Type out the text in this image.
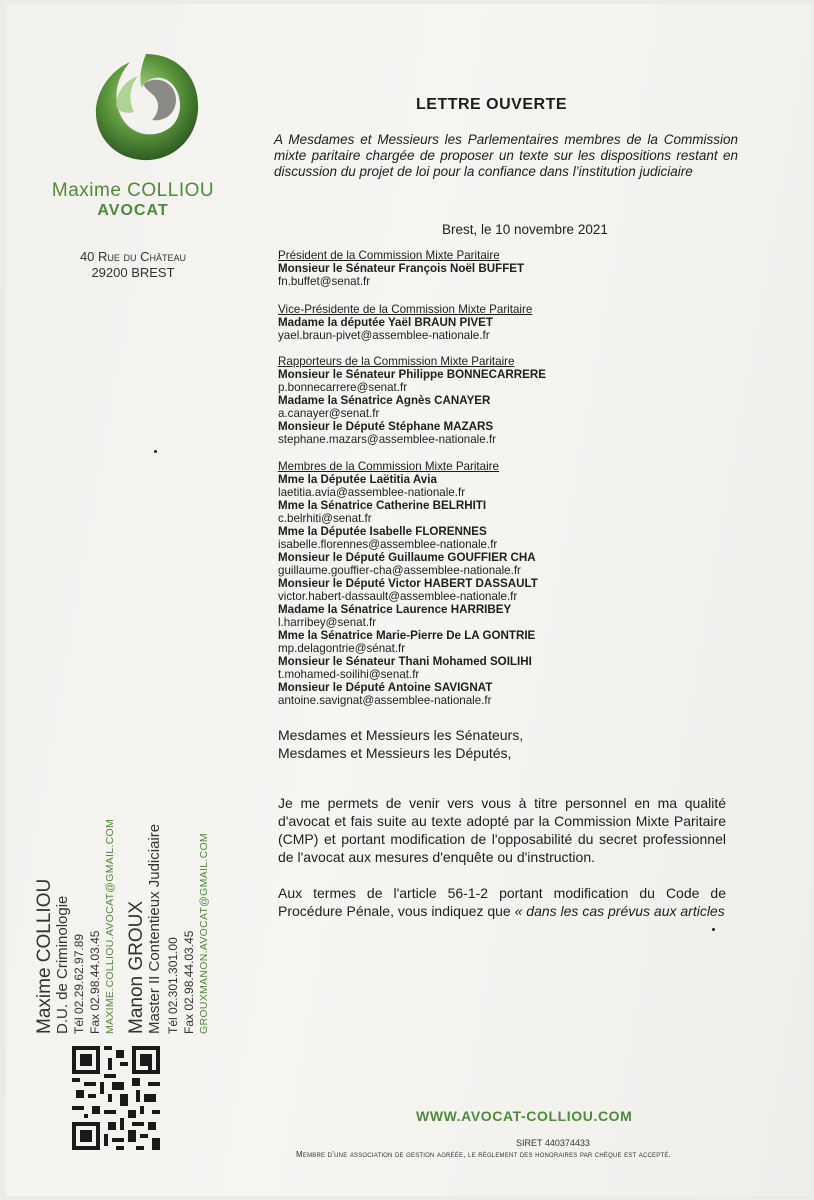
Maxime COLLIOU
AVOCAT
40 Rue du Château
29200 BREST
Maxime COLLIOU D.U. de Criminologie Tél 02.29.62.97.89 Fax 02.98.44.03.45 MAXIME.COLLIOU.AVOCAT@GMAIL.COM Manon GROUX Master II Contentieux Judiciaire Tél 02.301.301.00 Fax 02.98.44.03.45 GROUXMANON.AVOCAT@GMAIL.COM
LETTRE OUVERTE
A Mesdames et Messieurs les Parlementaires membres de la Commission mixte paritaire chargée de proposer un texte sur les dispositions restant en discussion du projet de loi pour la confiance dans l’institution judiciaire
Brest, le 10 novembre 2021
Président de la Commission Mixte Paritaire
Monsieur le Sénateur François Noël BUFFET
fn.buffet@senat.fr
Vice-Présidente de la Commission Mixte Paritaire
Madame la députée Yaël BRAUN PIVET
yael.braun-pivet@assemblee-nationale.fr
Rapporteurs de la Commission Mixte Paritaire
Monsieur le Sénateur Philippe BONNECARRERE
p.bonnecarrere@senat.fr
Madame la Sénatrice Agnès CANAYER
a.canayer@senat.fr
Monsieur le Député Stéphane MAZARS
stephane.mazars@assemblee-nationale.fr
Membres de la Commission Mixte Paritaire
Mme la Députée Laëtitia Avia
laetitia.avia@assemblee-nationale.fr
Mme la Sénatrice Catherine BELRHITI
c.belrhiti@senat.fr
Mme la Députée Isabelle FLORENNES
isabelle.florennes@assemblee-nationale.fr
Monsieur le Député Guillaume GOUFFIER CHA
guillaume.gouffier-cha@assemblee-nationale.fr
Monsieur le Député Victor HABERT DASSAULT
victor.habert-dassault@assemblee-nationale.fr
Madame la Sénatrice Laurence HARRIBEY
l.harribey@senat.fr
Mme la Sénatrice Marie-Pierre De LA GONTRIE
mp.delagontrie@sénat.fr
Monsieur le Sénateur Thani Mohamed SOILIHI
t.mohamed-soilihi@senat.fr
Monsieur le Député Antoine SAVIGNAT
antoine.savignat@assemblee-nationale.fr
Mesdames et Messieurs les Sénateurs,
Mesdames et Messieurs les Députés,
Je me permets de venir vers vous à titre personnel en ma qualité d'avocat et fais suite au texte adopté par la Commission Mixte Paritaire (CMP) et portant modification de l'opposabilité du secret professionnel de l'avocat aux mesures d'enquête ou d'instruction.
Aux termes de l'article 56-1-2 portant modification du Code de Procédure Pénale, vous indiquez que « dans les cas prévus aux articles
WWW.AVOCAT-COLLIOU.COM
SIRET 440374433
Membre d’une association de gestion agréée, le règlement des honoraires par chèque est accepté.
